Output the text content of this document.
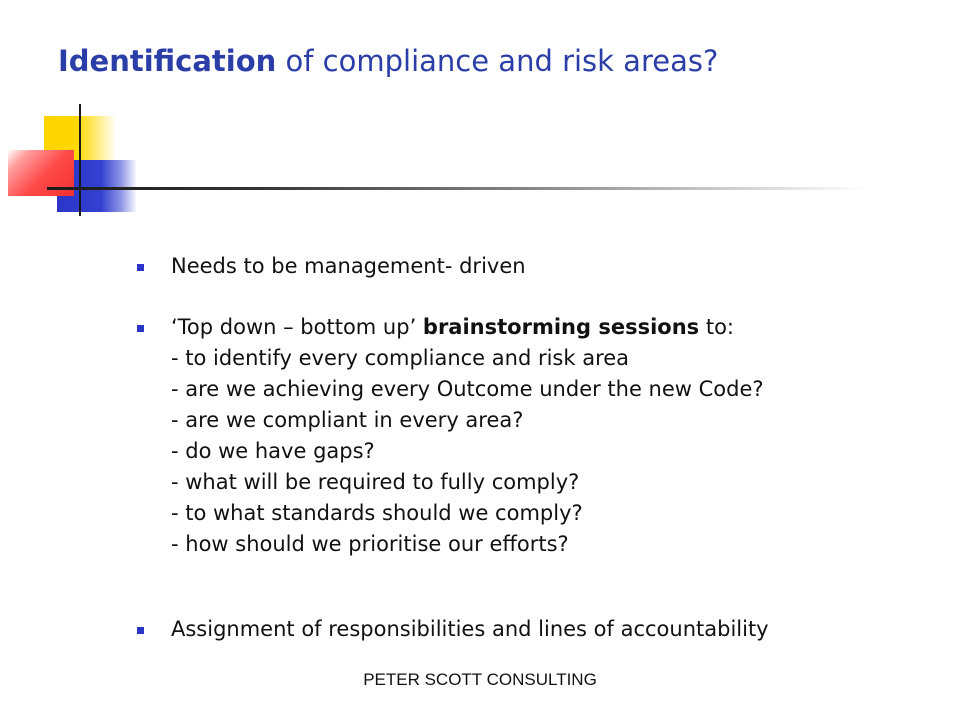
Identification of compliance and risk areas?

Needs to be management- driven

‘Top down – bottom up’ brainstorming sessions to:

- to identify every compliance and risk area

- are we achieving every Outcome under the new Code?

- are we compliant in every area?

- do we have gaps?

- what will be required to fully comply?

- to what standards should we comply?

- how should we prioritise our efforts?

Assignment of responsibilities and lines of accountability

PETER SCOTT CONSULTING
